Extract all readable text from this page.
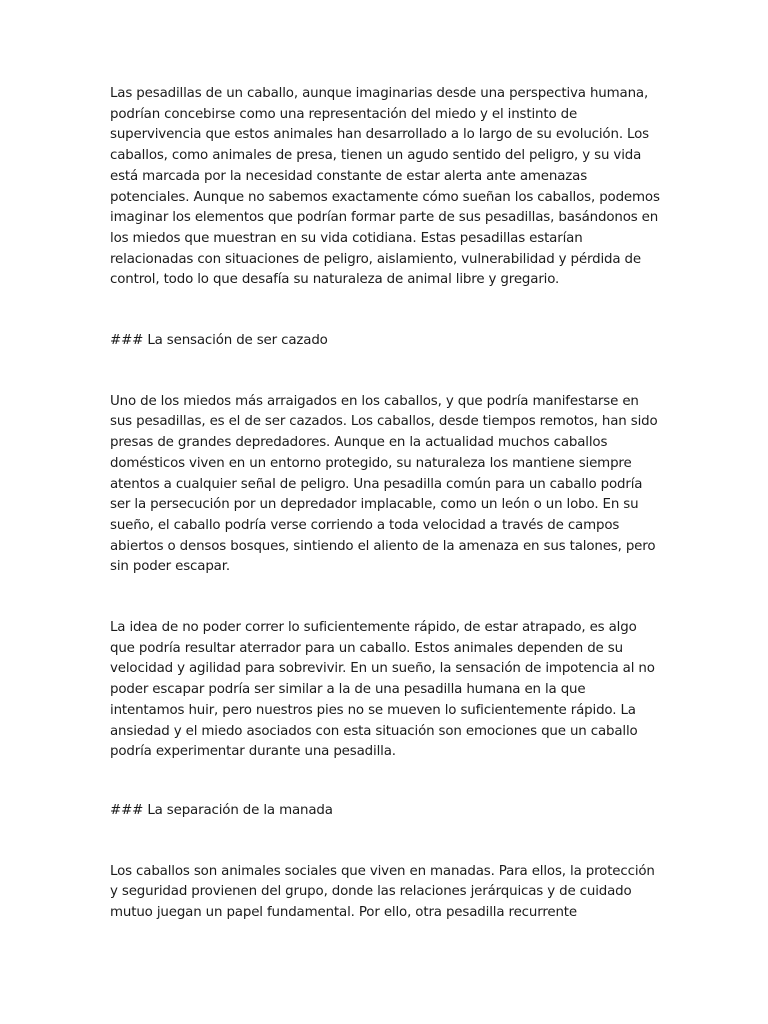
Las pesadillas de un caballo, aunque imaginarias desde una perspectiva humana, podrían concebirse como una representación del miedo y el instinto de supervivencia que estos animales han desarrollado a lo largo de su evolución. Los caballos, como animales de presa, tienen un agudo sentido del peligro, y su vida está marcada por la necesidad constante de estar alerta ante amenazas potenciales. Aunque no sabemos exactamente cómo sueñan los caballos, podemos imaginar los elementos que podrían formar parte de sus pesadillas, basándonos en los miedos que muestran en su vida cotidiana. Estas pesadillas estarían relacionadas con situaciones de peligro, aislamiento, vulnerabilidad y pérdida de control, todo lo que desafía su naturaleza de animal libre y gregario.

### La sensación de ser cazado

Uno de los miedos más arraigados en los caballos, y que podría manifestarse en sus pesadillas, es el de ser cazados. Los caballos, desde tiempos remotos, han sido presas de grandes depredadores. Aunque en la actualidad muchos caballos domésticos viven en un entorno protegido, su naturaleza los mantiene siempre atentos a cualquier señal de peligro. Una pesadilla común para un caballo podría ser la persecución por un depredador implacable, como un león o un lobo. En su sueño, el caballo podría verse corriendo a toda velocidad a través de campos abiertos o densos bosques, sintiendo el aliento de la amenaza en sus talones, pero sin poder escapar.

La idea de no poder correr lo suficientemente rápido, de estar atrapado, es algo que podría resultar aterrador para un caballo. Estos animales dependen de su velocidad y agilidad para sobrevivir. En un sueño, la sensación de impotencia al no poder escapar podría ser similar a la de una pesadilla humana en la que intentamos huir, pero nuestros pies no se mueven lo suficientemente rápido. La ansiedad y el miedo asociados con esta situación son emociones que un caballo podría experimentar durante una pesadilla.

### La separación de la manada

Los caballos son animales sociales que viven en manadas. Para ellos, la protección y seguridad provienen del grupo, donde las relaciones jerárquicas y de cuidado mutuo juegan un papel fundamental. Por ello, otra pesadilla recurrente
